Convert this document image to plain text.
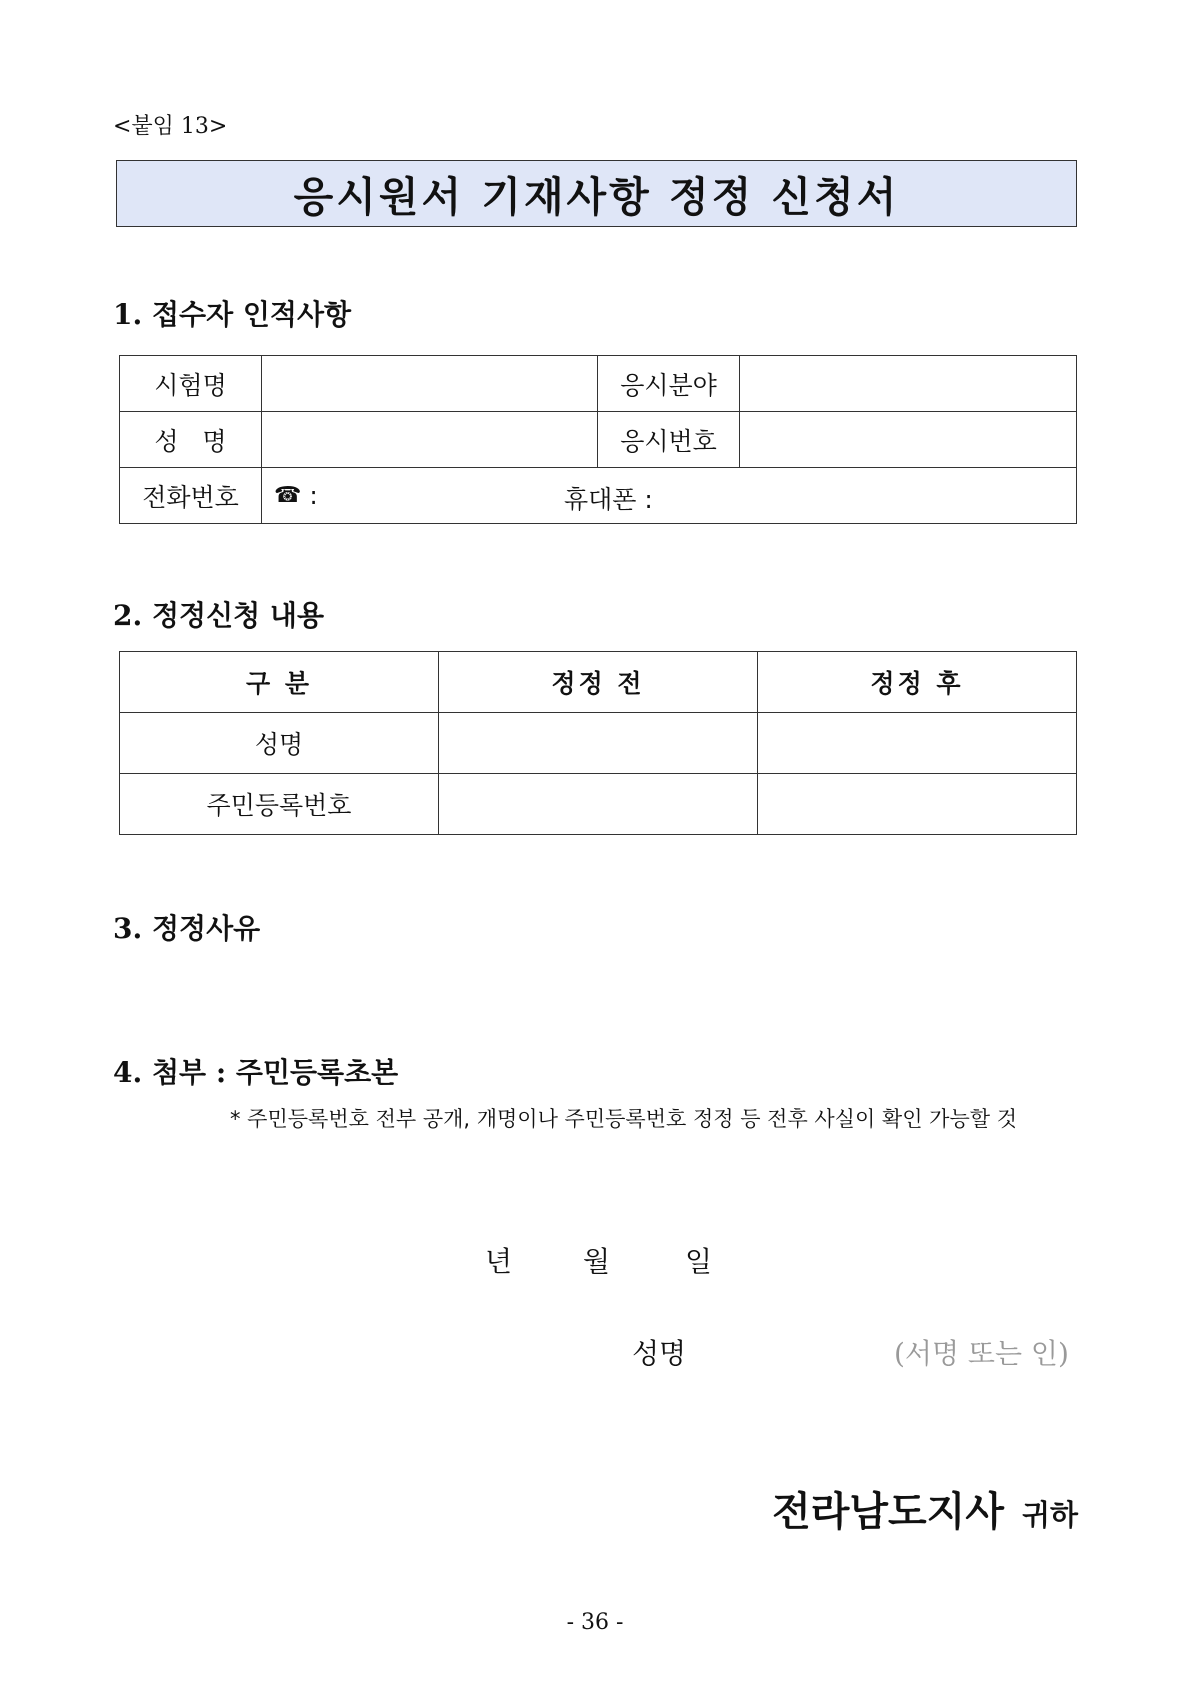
<붙임 13>
응시원서 기재사항 정정 신청서
1. 접수자 인적사항
시험명		응시분야	
성   명		응시번호	
전화번호	☎ : 휴대폰 :		
2. 정정신청 내용
구 분	정정 전	정정 후
성명		
주민등록번호		
3. 정정사유
4. 첨부 : 주민등록초본
* 주민등록번호 전부 공개, 개명이나 주민등록번호 정정 등 전후 사실이 확인 가능할 것
년	월	일
성명	(서명 또는 인)
전라남도지사 귀하
- 36 -
